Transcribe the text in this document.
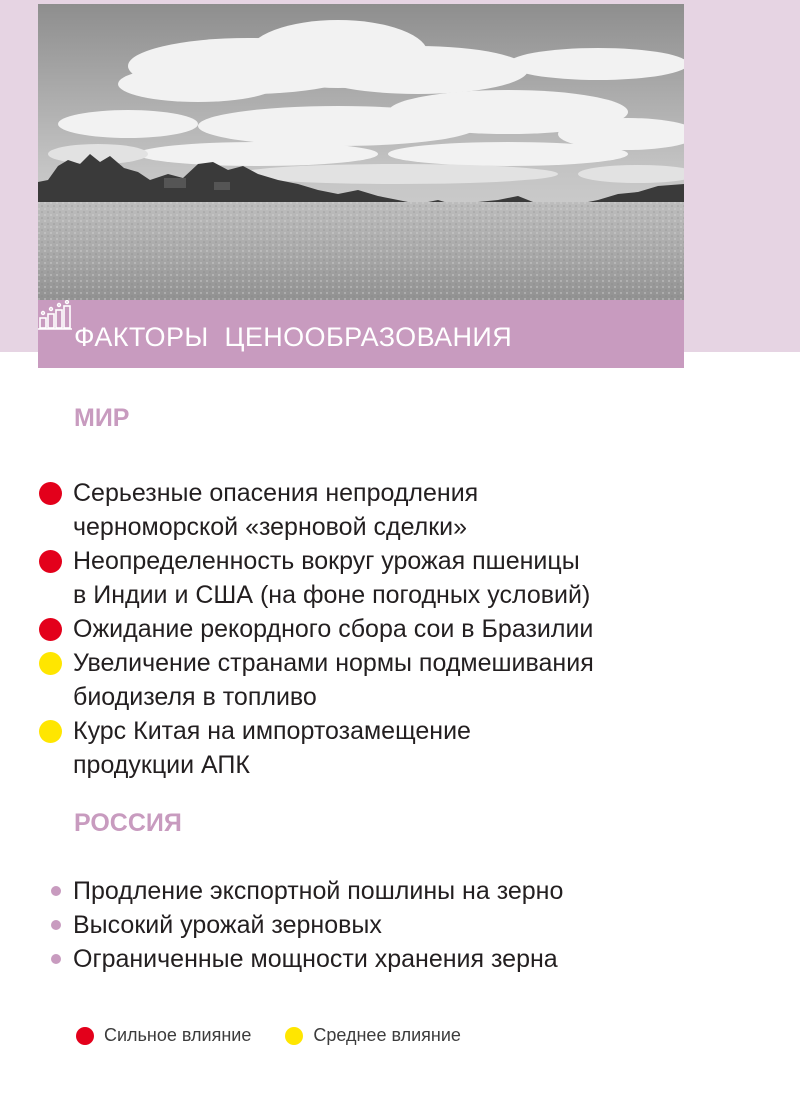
ФАКТОРЫ  ЦЕНООБРАЗОВАНИЯ
МИР
Серьезные опасения непродления
черноморской «зерновой сделки»
Неопределенность вокруг урожая пшеницы
в Индии и США (на фоне погодных условий)
Ожидание рекордного сбора сои в Бразилии
Увеличение странами нормы подмешивания
биодизеля в топливо
Курс Китая на импортозамещение
продукции АПК
РОССИЯ
Продление экспортной пошлины на зерно
Высокий урожай зерновых
Ограниченные мощности хранения зерна
Сильное влияние	Среднее влияние
